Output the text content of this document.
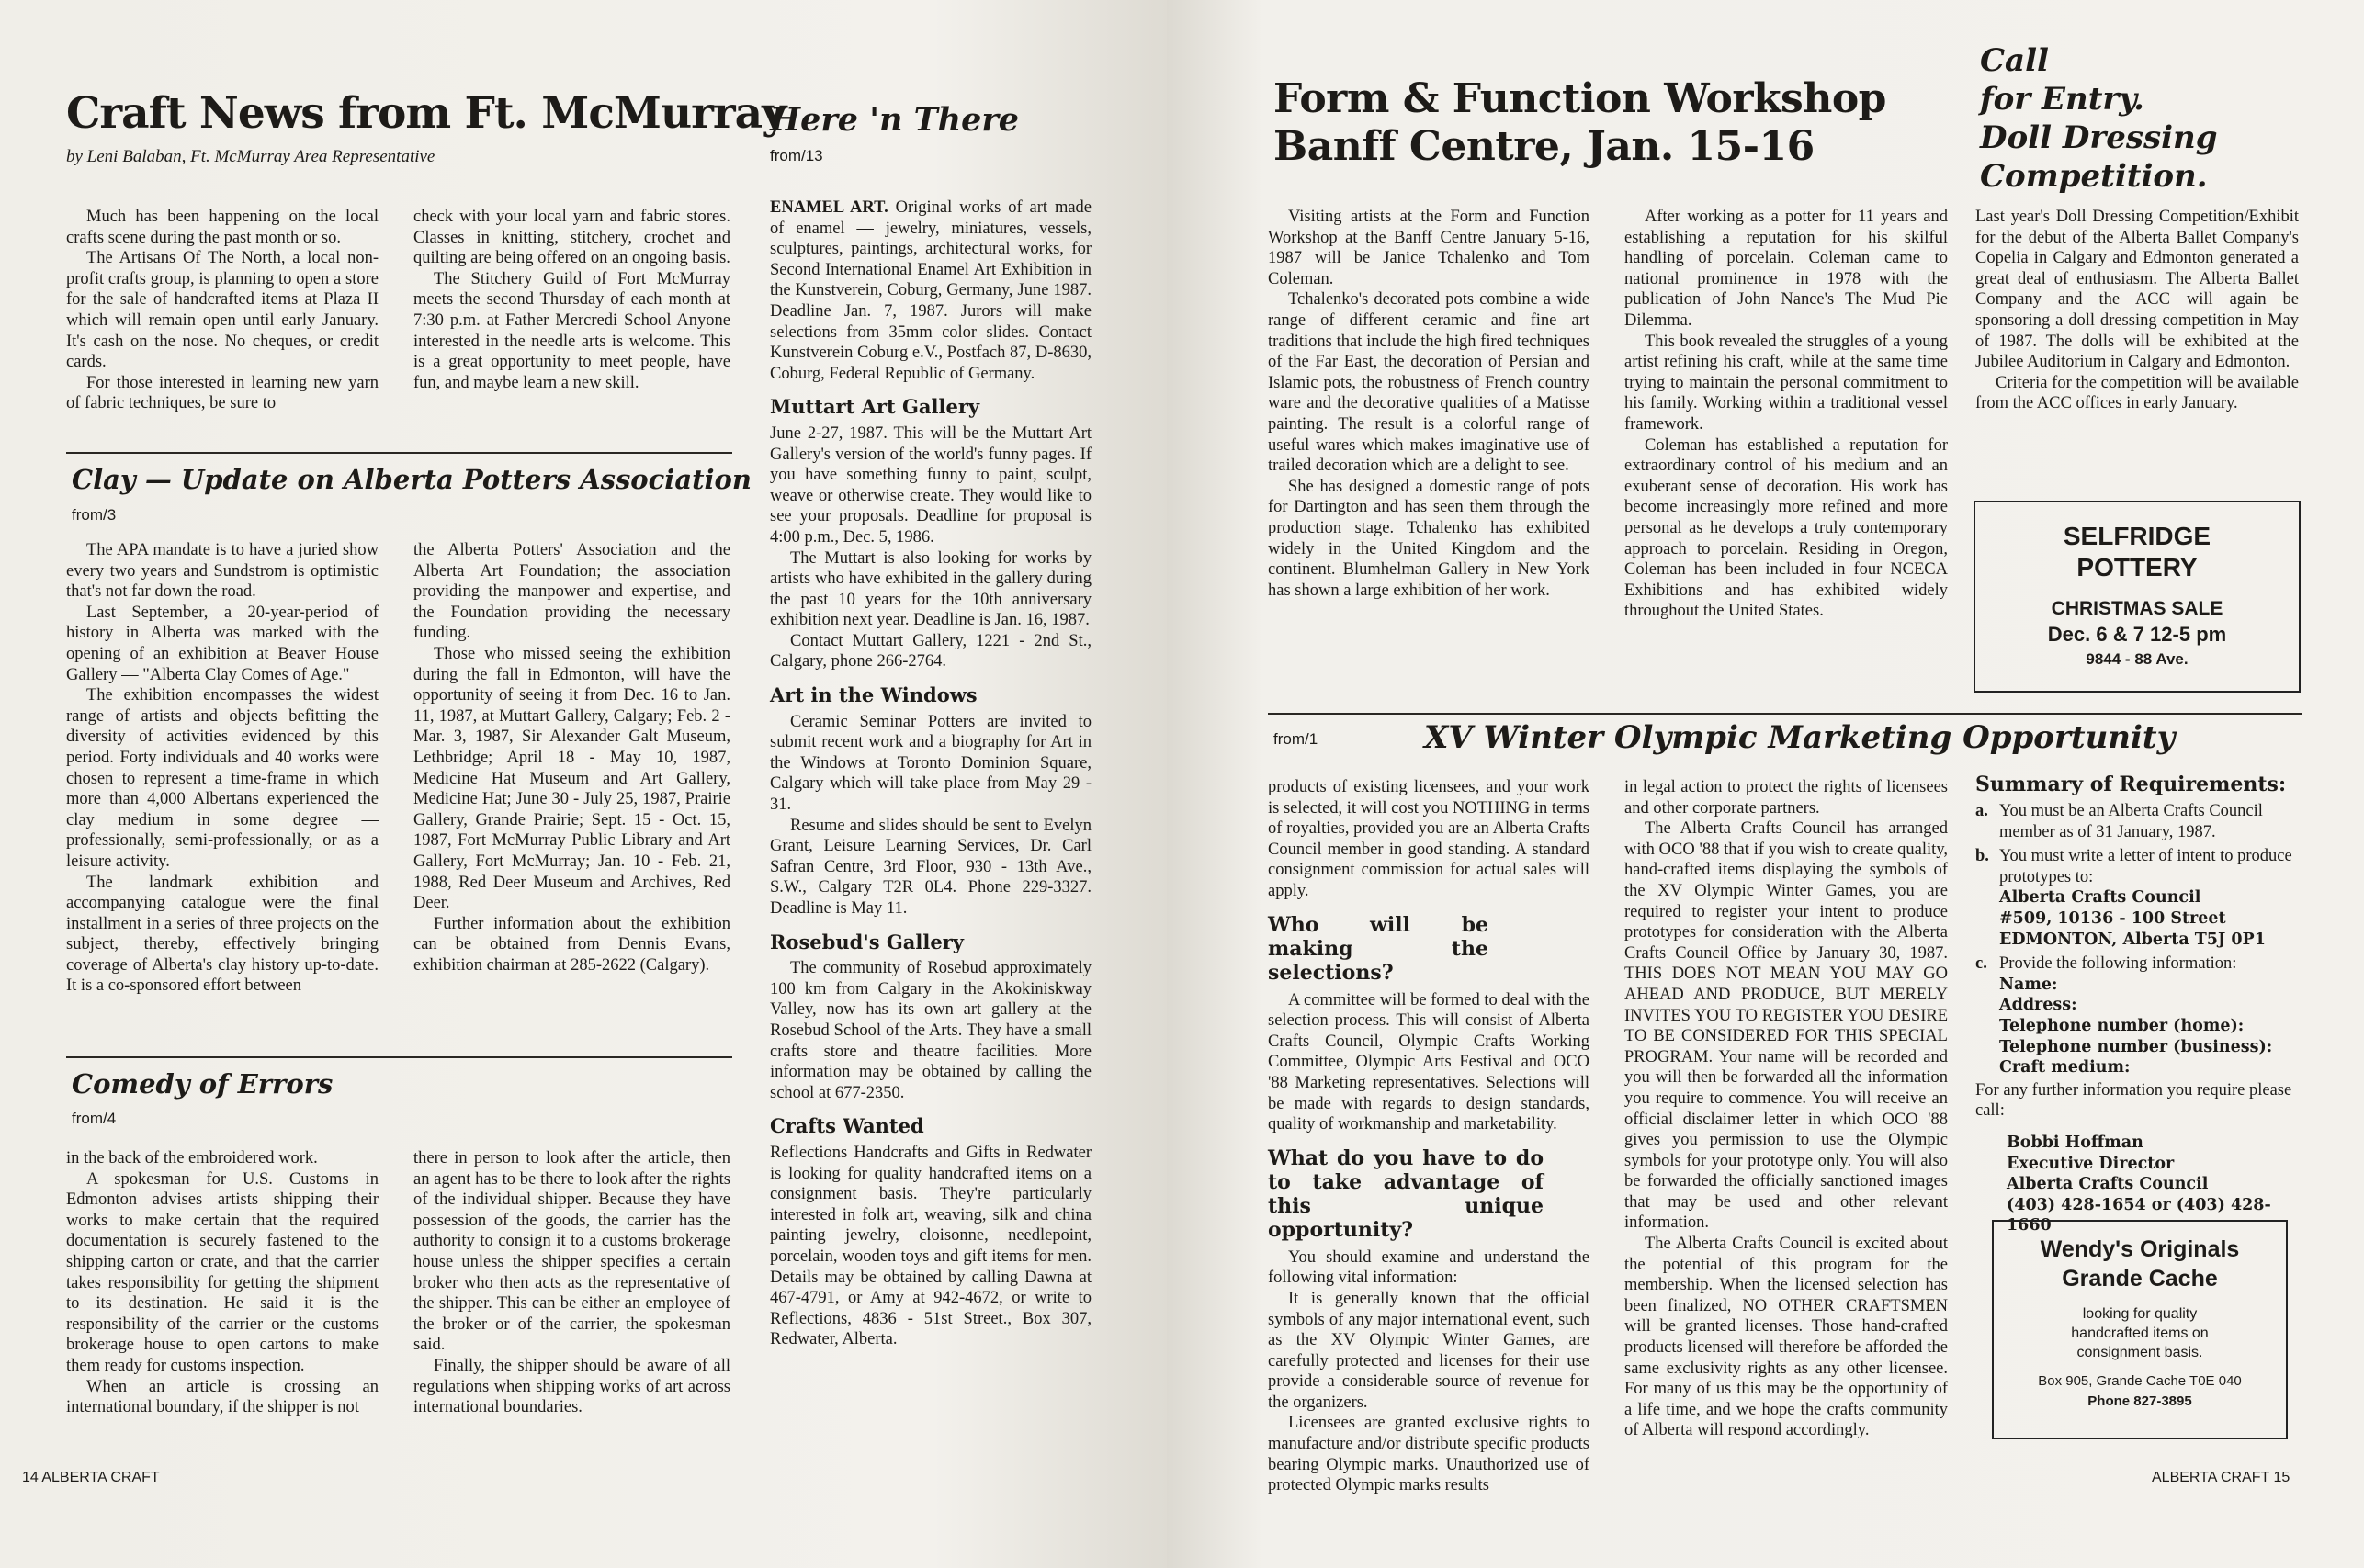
Craft News from Ft. McMurray
by Leni Balaban, Ft. McMurray Area Representative

Much has been happening on the local crafts scene during the past month or so.

The Artisans Of The North, a local non-profit crafts group, is planning to open a store for the sale of handcrafted items at Plaza II which will remain open until early January. It's cash on the nose. No cheques, or credit cards.

For those interested in learning new yarn of fabric techniques, be sure to

check with your local yarn and fabric stores. Classes in knitting, stitchery, crochet and quilting are being offered on an ongoing basis.

The Stitchery Guild of Fort McMurray meets the second Thursday of each month at 7:30 p.m. at Father Mercredi School Anyone interested in the needle arts is welcome. This is a great opportunity to meet people, have fun, and maybe learn a new skill.

Clay — Update on Alberta Potters Association
from/3

The APA mandate is to have a juried show every two years and Sundstrom is optimistic that's not far down the road.

Last September, a 20-year-period of history in Alberta was marked with the opening of an exhibition at Beaver House Gallery — "Alberta Clay Comes of Age."

The exhibition encompasses the widest range of artists and objects befitting the diversity of activities evidenced by this period. Forty individuals and 40 works were chosen to represent a time-frame in which more than 4,000 Albertans experienced the clay medium in some degree — professionally, semi-professionally, or as a leisure activity.

The landmark exhibition and accompanying catalogue were the final installment in a series of three projects on the subject, thereby, effectively bringing coverage of Alberta's clay history up-to-date. It is a co-sponsored effort between

the Alberta Potters' Association and the Alberta Art Foundation; the association providing the manpower and expertise, and the Foundation providing the necessary funding.

Those who missed seeing the exhibition during the fall in Edmonton, will have the opportunity of seeing it from Dec. 16 to Jan. 11, 1987, at Muttart Gallery, Calgary; Feb. 2 - Mar. 3, 1987, Sir Alexander Galt Museum, Lethbridge; April 18 - May 10, 1987, Medicine Hat Museum and Art Gallery, Medicine Hat; June 30 - July 25, 1987, Prairie Gallery, Grande Prairie; Sept. 15 - Oct. 15, 1987, Fort McMurray Public Library and Art Gallery, Fort McMurray; Jan. 10 - Feb. 21, 1988, Red Deer Museum and Archives, Red Deer.

Further information about the exhibition can be obtained from Dennis Evans, exhibition chairman at 285-2622 (Calgary).

Comedy of Errors
from/4

in the back of the embroidered work.

A spokesman for U.S. Customs in Edmonton advises artists shipping their works to make certain that the required documentation is securely fastened to the shipping carton or crate, and that the carrier takes responsibility for getting the shipment to its destination. He said it is the responsibility of the carrier or the customs brokerage house to open cartons to make them ready for customs inspection.

When an article is crossing an international boundary, if the shipper is not

there in person to look after the article, then an agent has to be there to look after the rights of the individual shipper. Because they have possession of the goods, the carrier has the authority to consign it to a customs brokerage house unless the shipper specifies a certain broker who then acts as the representative of the shipper. This can be either an employee of the broker or of the carrier, the spokesman said.

Finally, the shipper should be aware of all regulations when shipping works of art across international boundaries.

Here 'n There
from/13

ENAMEL ART. Original works of art made of enamel — jewelry, miniatures, vessels, sculptures, paintings, architectural works, for Second International Enamel Art Exhibition in the Kunstverein, Coburg, Germany, June 1987. Deadline Jan. 7, 1987. Jurors will make selections from 35mm color slides. Contact Kunstverein Coburg e.V., Postfach 87, D-8630, Coburg, Federal Republic of Germany.

Muttart Art Gallery

June 2-27, 1987. This will be the Muttart Art Gallery's version of the world's funny pages. If you have something funny to paint, sculpt, weave or otherwise create. They would like to see your proposals. Deadline for proposal is 4:00 p.m., Dec. 5, 1986.

The Muttart is also looking for works by artists who have exhibited in the gallery during the past 10 years for the 10th anniversary exhibition next year. Deadline is Jan. 16, 1987.

Contact Muttart Gallery, 1221 - 2nd St., Calgary, phone 266-2764.

Art in the Windows

Ceramic Seminar Potters are invited to submit recent work and a biography for Art in the Windows at Toronto Dominion Square, Calgary which will take place from May 29 - 31.

Resume and slides should be sent to Evelyn Grant, Leisure Learning Services, Dr. Carl Safran Centre, 3rd Floor, 930 - 13th Ave., S.W., Calgary T2R 0L4. Phone 229-3327. Deadline is May 11.

Rosebud's Gallery

The community of Rosebud approximately 100 km from Calgary in the Akokiniskway Valley, now has its own art gallery at the Rosebud School of the Arts. They have a small crafts store and theatre facilities. More information may be obtained by calling the school at 677-2350.

Crafts Wanted

Reflections Handcrafts and Gifts in Redwater is looking for quality handcrafted items on a consignment basis. They're particularly interested in folk art, weaving, silk and china painting jewelry, cloisonne, needlepoint, porcelain, wooden toys and gift items for men. Details may be obtained by calling Dawna at 467-4791, or Amy at 942-4672, or write to Reflections, 4836 - 51st Street., Box 307, Redwater, Alberta.

14 ALBERTA CRAFT
Form & Function Workshop
Banff Centre, Jan. 15-16

Visiting artists at the Form and Function Workshop at the Banff Centre January 5-16, 1987 will be Janice Tchalenko and Tom Coleman.

Tchalenko's decorated pots combine a wide range of different ceramic and fine art traditions that include the high fired techniques of the Far East, the decoration of Persian and Islamic pots, the robustness of French country ware and the decorative qualities of a Matisse painting. The result is a colorful range of useful wares which makes imaginative use of trailed decoration which are a delight to see.

She has designed a domestic range of pots for Dartington and has seen them through the production stage. Tchalenko has exhibited widely in the United Kingdom and the continent. Blumhelman Gallery in New York has shown a large exhibition of her work.

After working as a potter for 11 years and establishing a reputation for his skilful handling of porcelain. Coleman came to national prominence in 1978 with the publication of John Nance's The Mud Pie Dilemma.

This book revealed the struggles of a young artist refining his craft, while at the same time trying to maintain the personal commitment to his family. Working within a traditional vessel framework.

Coleman has established a reputation for extraordinary control of his medium and an exuberant sense of decoration. His work has become increasingly more refined and more personal as he develops a truly contemporary approach to porcelain. Residing in Oregon, Coleman has been included in four NCECA Exhibitions and has exhibited widely throughout the United States.

Call
for Entry.
Doll Dressing
Competition.

Last year's Doll Dressing Competition/Exhibit for the debut of the Alberta Ballet Company's Copelia in Calgary and Edmonton generated a great deal of enthusiasm. The Alberta Ballet Company and the ACC will again be sponsoring a doll dressing competition in May of 1987. The dolls will be exhibited at the Jubilee Auditorium in Calgary and Edmonton.

Criteria for the competition will be available from the ACC offices in early January.

SELFRIDGE
POTTERY
CHRISTMAS SALE
Dec. 6 & 7 12-5 pm
9844 - 88 Ave.
from/1	XV Winter Olympic Marketing Opportunity

products of existing licensees, and your work is selected, it will cost you NOTHING in terms of royalties, provided you are an Alberta Crafts Council member in good standing. A standard consignment commission for actual sales will apply.

Who will be making the selections?

A committee will be formed to deal with the selection process. This will consist of Alberta Crafts Council, Olympic Crafts Working Committee, Olympic Arts Festival and OCO '88 Marketing representatives. Selections will be made with regards to design standards, quality of workmanship and marketability.

What do you have to do to take advantage of this unique opportunity?

You should examine and understand the following vital information:

It is generally known that the official symbols of any major international event, such as the XV Olympic Winter Games, are carefully protected and licenses for their use provide a considerable source of revenue for the organizers.

Licensees are granted exclusive rights to manufacture and/or distribute specific products bearing Olympic marks. Unauthorized use of protected Olympic marks results

in legal action to protect the rights of licensees and other corporate partners.

The Alberta Crafts Council has arranged with OCO '88 that if you wish to create quality, hand-crafted items displaying the symbols of the XV Olympic Winter Games, you are required to register your intent to produce prototypes for consideration with the Alberta Crafts Council Office by January 30, 1987. THIS DOES NOT MEAN YOU MAY GO AHEAD AND PRODUCE, BUT MERELY INVITES YOU TO REGISTER YOU DESIRE TO BE CONSIDERED FOR THIS SPECIAL PROGRAM. Your name will be recorded and you will then be forwarded all the information you require to commence. You will receive an official disclaimer letter in which OCO '88 gives you permission to use the Olympic symbols for your prototype only. You will also be forwarded the officially sanctioned images that may be used and other relevant information.

The Alberta Crafts Council is excited about the potential of this program for the membership. When the licensed selection has been finalized, NO OTHER CRAFTSMEN will be granted licenses. Those hand-crafted products licensed will therefore be afforded the same exclusivity rights as any other licensee. For many of us this may be the opportunity of a life time, and we hope the crafts community of Alberta will respond accordingly.

Summary of Requirements:
a. You must be an Alberta Crafts Council member as of 31 January, 1987.
b. You must write a letter of intent to produce prototypes to:
Alberta Crafts Council
#509, 10136 - 100 Street
EDMONTON, Alberta T5J 0P1
c. Provide the following information:
Name:
Address:
Telephone number (home):
Telephone number (business):
Craft medium:
For any further information you require please call:
Bobbi Hoffman
Executive Director
Alberta Crafts Council
(403) 428-1654 or (403) 428-1660
Wendy's Originals
Grande Cache
looking for quality
handcrafted items on
consignment basis.
Box 905, Grande Cache T0E 040
Phone 827-3895
ALBERTA CRAFT 15
